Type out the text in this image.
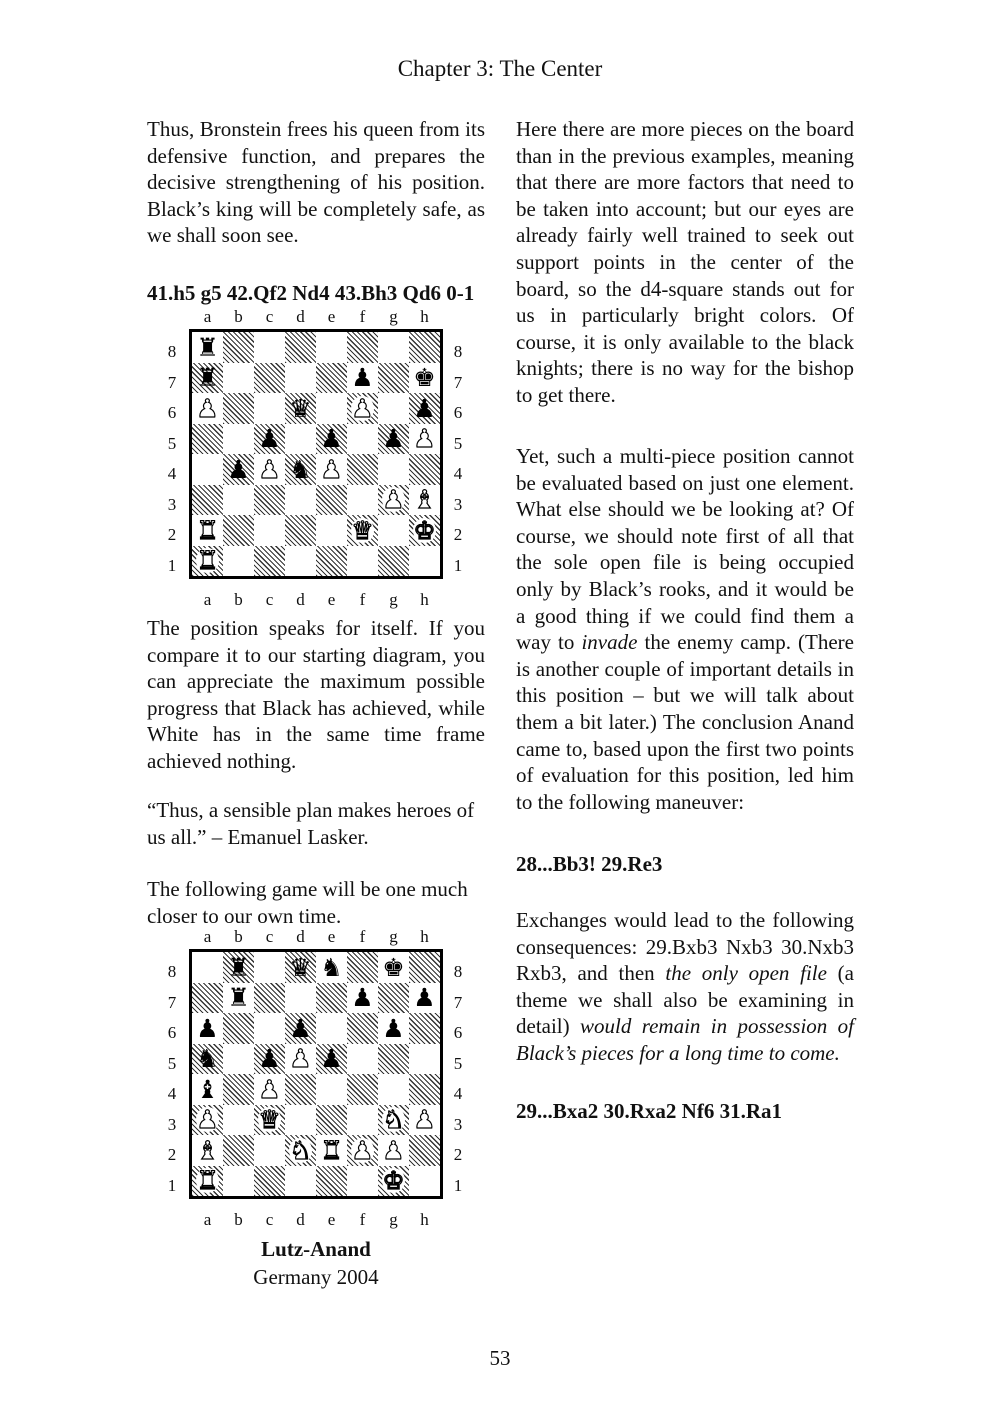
Chapter 3: The Center
Thus, Bronstein frees his queen from its defensive function, and prepares the decisive strengthening of his position. Black’s king will be completely safe, as we shall soon see.
41.h5 g5 42.Qf2 Nd4 43.Bh3 Qd6 0-1
a	b	c	d	e	f	g	h
8
7
6
5
4
3
2
1
♜
♜	♟ ♚
♟	♛ ♟ ♟
♟ ♟ ♟ ♟
♟ ♟ ♞ ♟
♟ ♝
♜	♛ ♚
♜
8
7
6
5
4
3
2
1
a	b	c	d	e	f	g	h
The position speaks for itself. If you compare it to our starting diagram, you can appreciate the maximum possible progress that Black has achieved, while White has in the same time frame achieved nothing.
“Thus, a sensible plan makes heroes of us all.” – Emanuel Lasker.
The following game will be one much closer to our own time.
a	b	c	d	e	f	g	h
8
7
6
5
4
3
2
1
♜ ♛ ♞ ♚
♜	♟ ♟
♟	♟	♟
♞ ♟ ♟ ♟
♝ ♟
♟ ♛	♞ ♟
♝	♞ ♜ ♟ ♟
♜	♚
8
7
6
5
4
3
2
1
a	b	c	d	e	f	g	h
Lutz-Anand
Germany 2004
Here there are more pieces on the board than in the previous examples, meaning that there are more factors that need to be taken into account; but our eyes are already fairly well trained to seek out support points in the center of the board, so the d4-square stands out for us in particularly bright colors. Of course, it is only available to the black knights; there is no way for the bishop to get there.
Yet, such a multi-piece position cannot be evaluated based on just one element. What else should we be looking at? Of course, we should note first of all that the sole open file is being occupied only by Black’s rooks, and it would be a good thing if we could find them a way to invade the enemy camp. (There is another couple of important details in this position – but we will talk about them a bit later.) The conclusion Anand came to, based upon the first two points of evaluation for this position, led him to the following maneuver:
28...Bb3! 29.Re3
Exchanges would lead to the following consequences: 29.Bxb3 Nxb3 30.Nxb3 Rxb3, and then the only open file (a theme we shall also be examining in detail) would remain in possession of Black’s pieces for a long time to come.
29...Bxa2 30.Rxa2 Nf6 31.Ra1
53
